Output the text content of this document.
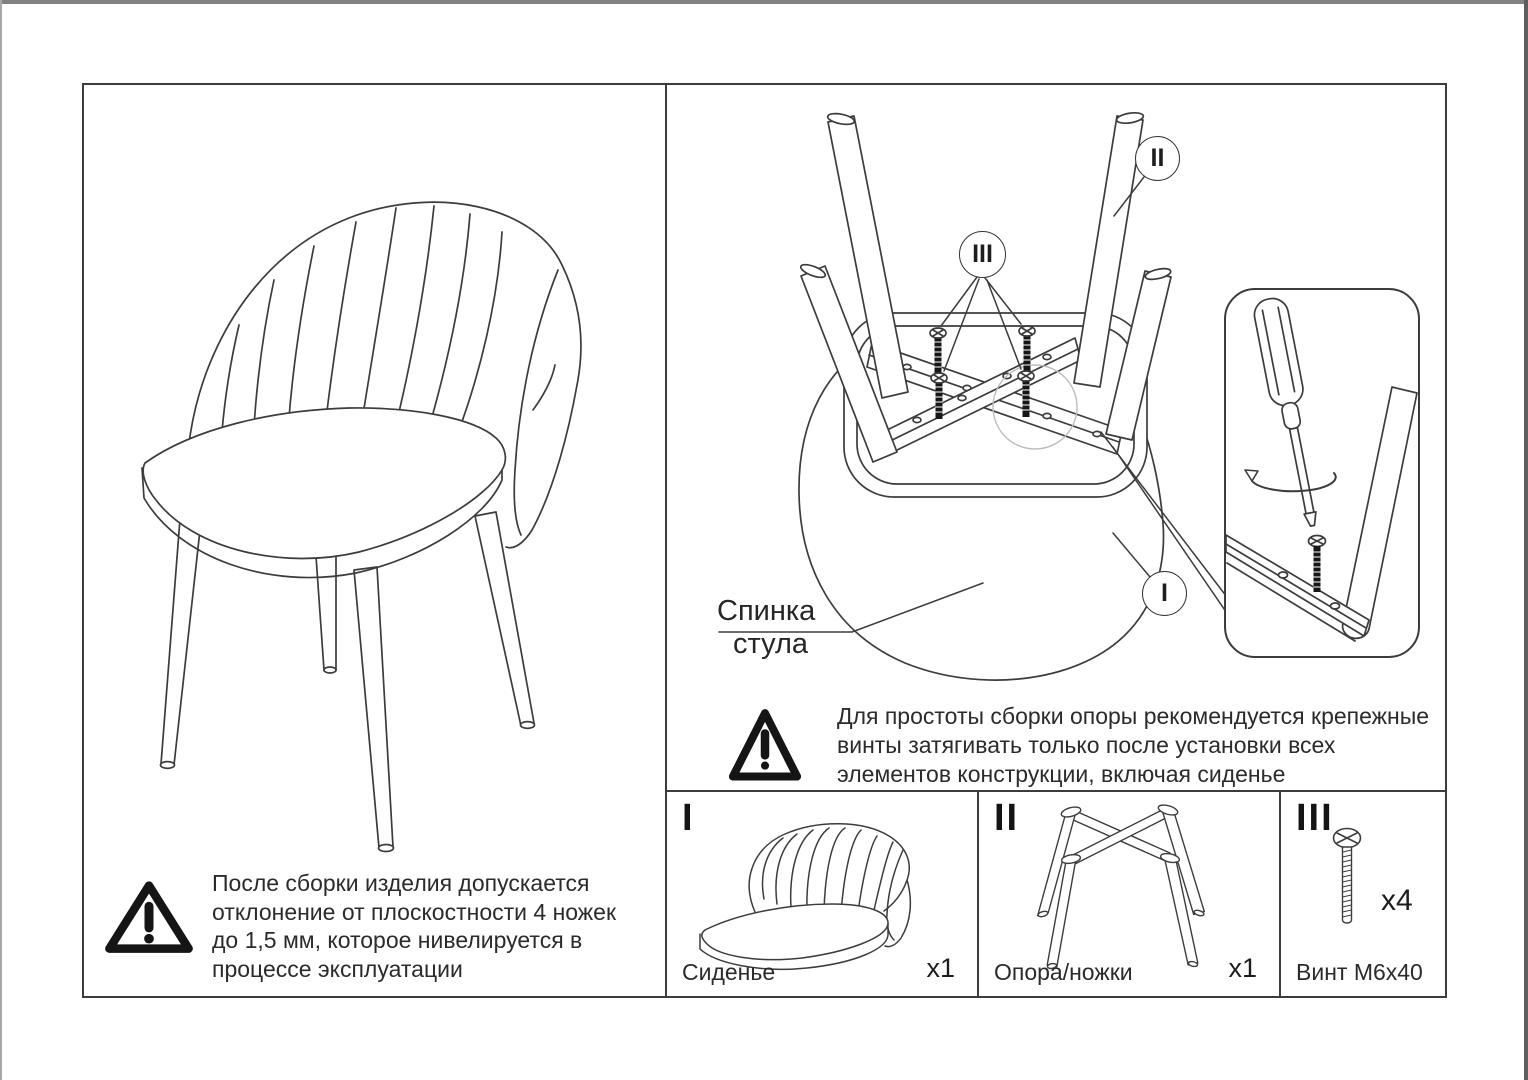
После сборки изделия допускается
отклонение от плоскостности 4 ножек
до 1,5 мм, которое нивелируется в
процессе эксплуатации
II
III
I
Спинка
стула
Для простоты сборки опоры рекомендуется крепежные
винты затягивать только после установки всех
элементов конструкции, включая сиденье
I
Сиденье	x1
II
Опора/ножки	x1
III
x4
Винт M6x40
